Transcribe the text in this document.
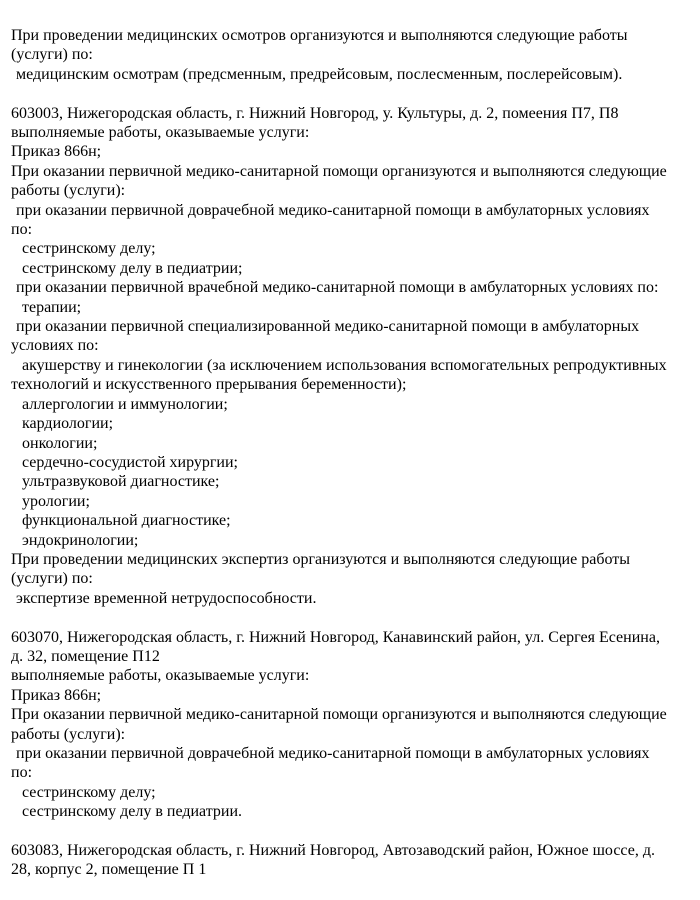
При проведении медицинских осмотров организуются и выполняются следующие работы
(услуги) по:
медицинским осмотрам (предсменным, предрейсовым, послесменным, послерейсовым).
603003, Нижегородская область, г. Нижний Новгород, у. Культуры, д. 2, помеения П7, П8
выполняемые работы, оказываемые услуги:
Приказ 866н;
При оказании первичной медико-санитарной помощи организуются и выполняются следующие
работы (услуги):
при оказании первичной доврачебной медико-санитарной помощи в амбулаторных условиях
по:
сестринскому делу;
сестринскому делу в педиатрии;
при оказании первичной врачебной медико-санитарной помощи в амбулаторных условиях по:
терапии;
при оказании первичной специализированной медико-санитарной помощи в амбулаторных
условиях по:
акушерству и гинекологии (за исключением использования вспомогательных репродуктивных
технологий и искусственного прерывания беременности);
аллергологии и иммунологии;
кардиологии;
онкологии;
сердечно-сосудистой хирургии;
ультразвуковой диагностике;
урологии;
функциональной диагностике;
эндокринологии;
При проведении медицинских экспертиз организуются и выполняются следующие работы
(услуги) по:
экспертизе временной нетрудоспособности.
603070, Нижегородская область, г. Нижний Новгород, Канавинский район, ул. Сергея Есенина,
д. 32, помещение П12
выполняемые работы, оказываемые услуги:
Приказ 866н;
При оказании первичной медико-санитарной помощи организуются и выполняются следующие
работы (услуги):
при оказании первичной доврачебной медико-санитарной помощи в амбулаторных условиях
по:
сестринскому делу;
сестринскому делу в педиатрии.
603083, Нижегородская область, г. Нижний Новгород, Автозаводский район, Южное шоссе, д.
28, корпус 2, помещение П 1
